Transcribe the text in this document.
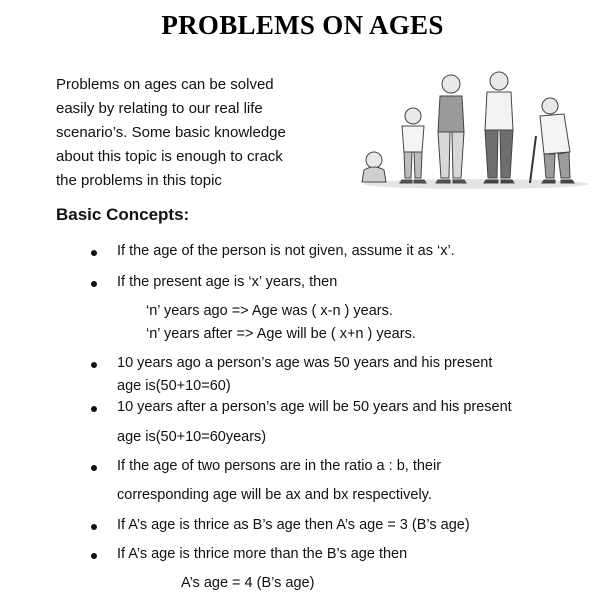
PROBLEMS ON AGES
Problems on ages can be solved
easily by relating to our real life
scenario’s. Some basic knowledge
about this topic is enough to crack
the problems in this topic
Basic Concepts:
If the age of the person is not given, assume it as ‘x’.
If the present age is ‘x’ years, then
‘n’ years ago => Age was ( x-n ) years.
‘n’ years after => Age will be ( x+n ) years.
10 years ago a person’s age was 50 years and his present
age is(50+10=60)
10 years after a person’s age will be 50 years and his present
age is(50+10=60years)
If the age of two persons are in the ratio a : b, their
corresponding age will be ax and bx respectively.
If A’s age is thrice as B’s age then A’s age = 3 (B’s age)
If A’s age is thrice more than the B’s age then
A’s age = 4 (B’s age)
